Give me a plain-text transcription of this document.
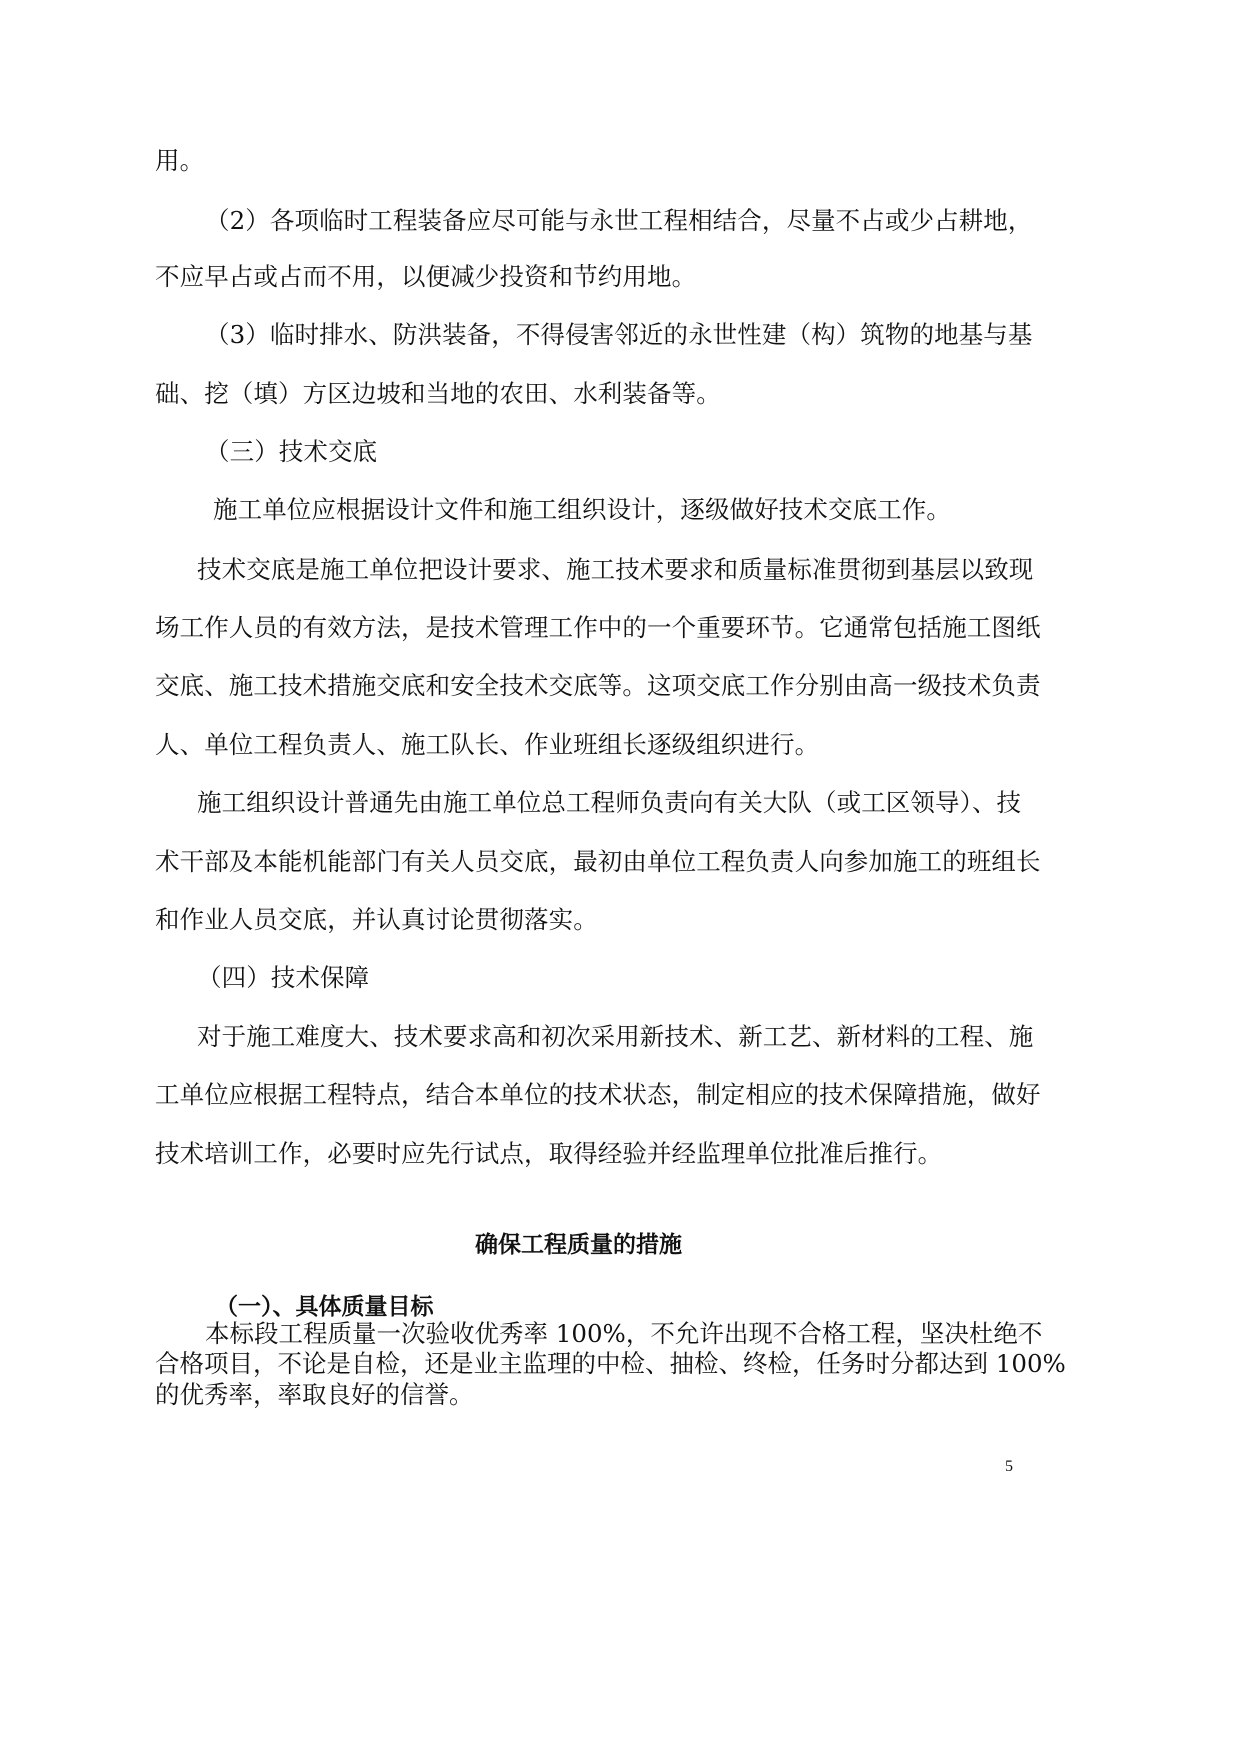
用。
（2）各项临时工程装备应尽可能与永世工程相结合，尽量不占或少占耕地，
不应早占或占而不用，以便减少投资和节约用地。
（3）临时排水、防洪装备，不得侵害邻近的永世性建（构）筑物的地基与基
础、挖（填）方区边坡和当地的农田、水利装备等。
（三）技术交底
施工单位应根据设计文件和施工组织设计，逐级做好技术交底工作。
技术交底是施工单位把设计要求、施工技术要求和质量标准贯彻到基层以致现
场工作人员的有效方法，是技术管理工作中的一个重要环节。它通常包括施工图纸
交底、施工技术措施交底和安全技术交底等。这项交底工作分别由高一级技术负责
人、单位工程负责人、施工队长、作业班组长逐级组织进行。
施工组织设计普通先由施工单位总工程师负责向有关大队（或工区领导）、技
术干部及本能机能部门有关人员交底，最初由单位工程负责人向参加施工的班组长
和作业人员交底，并认真讨论贯彻落实。
（四）技术保障
对于施工难度大、技术要求高和初次采用新技术、新工艺、新材料的工程、施
工单位应根据工程特点，结合本单位的技术状态，制定相应的技术保障措施，做好
技术培训工作，必要时应先行试点，取得经验并经监理单位批准后推行。
确保工程质量的措施
（一）、具体质量目标
本标段工程质量一次验收优秀率 100%，不允许出现不合格工程，坚决杜绝不
合格项目，不论是自检，还是业主监理的中检、抽检、终检，任务时分都达到 100%
的优秀率，率取良好的信誉。
5
